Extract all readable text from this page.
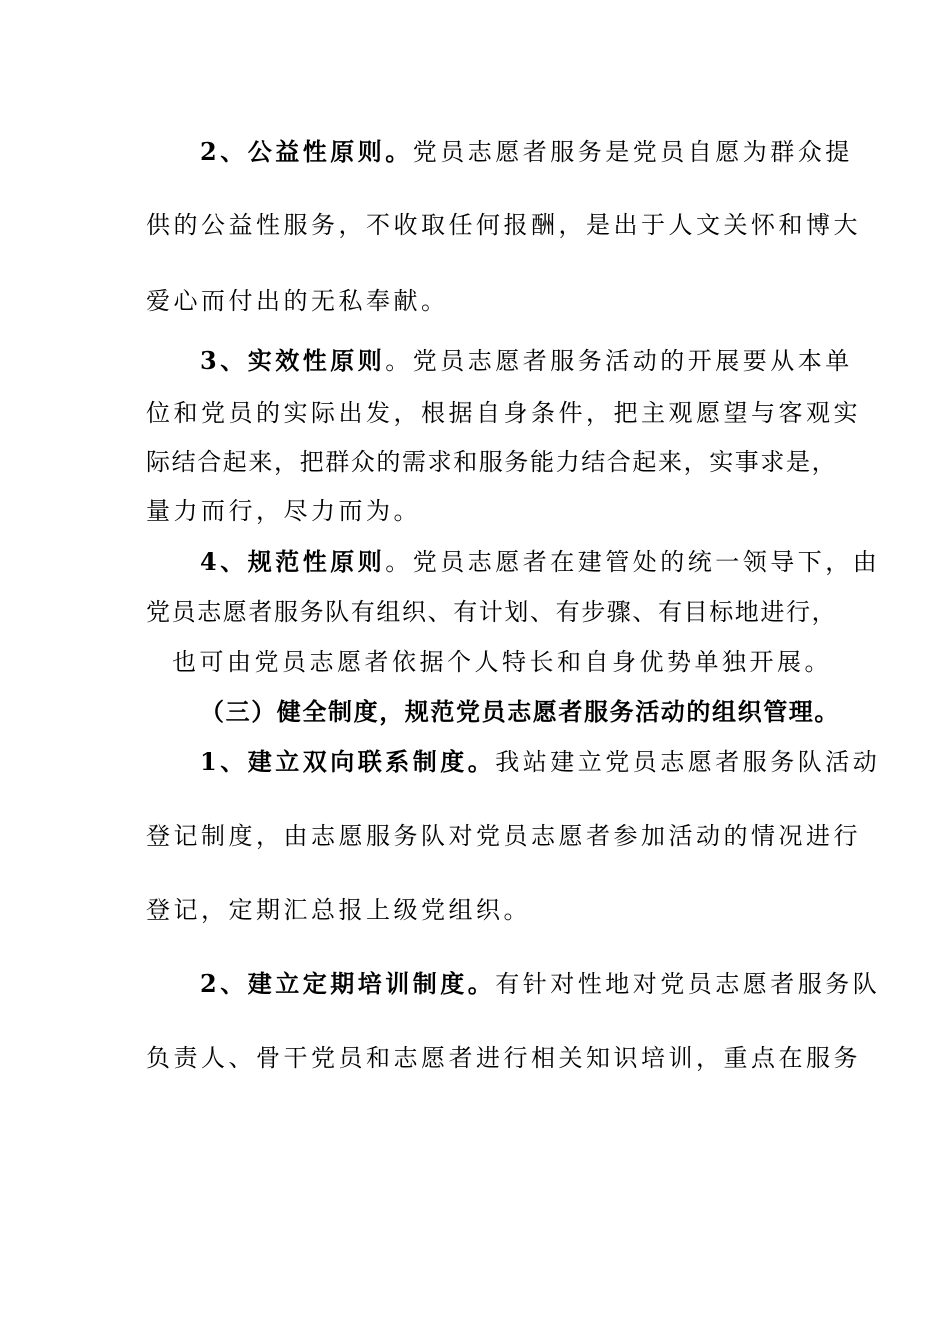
2、公益性原则。党员志愿者服务是党员自愿为群众提
供的公益性服务，不收取任何报酬，是出于人文关怀和博大
爱心而付出的无私奉献。
3、实效性原则。党员志愿者服务活动的开展要从本单
位和党员的实际出发，根据自身条件，把主观愿望与客观实
际结合起来，把群众的需求和服务能力结合起来，实事求是，
量力而行，尽力而为。
4、规范性原则。党员志愿者在建管处的统一领导下，由
党员志愿者服务队有组织、有计划、有步骤、有目标地进行，
也可由党员志愿者依据个人特长和自身优势单独开展。
（三）健全制度，规范党员志愿者服务活动的组织管理。
1、建立双向联系制度。我站建立党员志愿者服务队活动
登记制度，由志愿服务队对党员志愿者参加活动的情况进行
登记，定期汇总报上级党组织。
2、建立定期培训制度。有针对性地对党员志愿者服务队
负责人、骨干党员和志愿者进行相关知识培训，重点在服务
